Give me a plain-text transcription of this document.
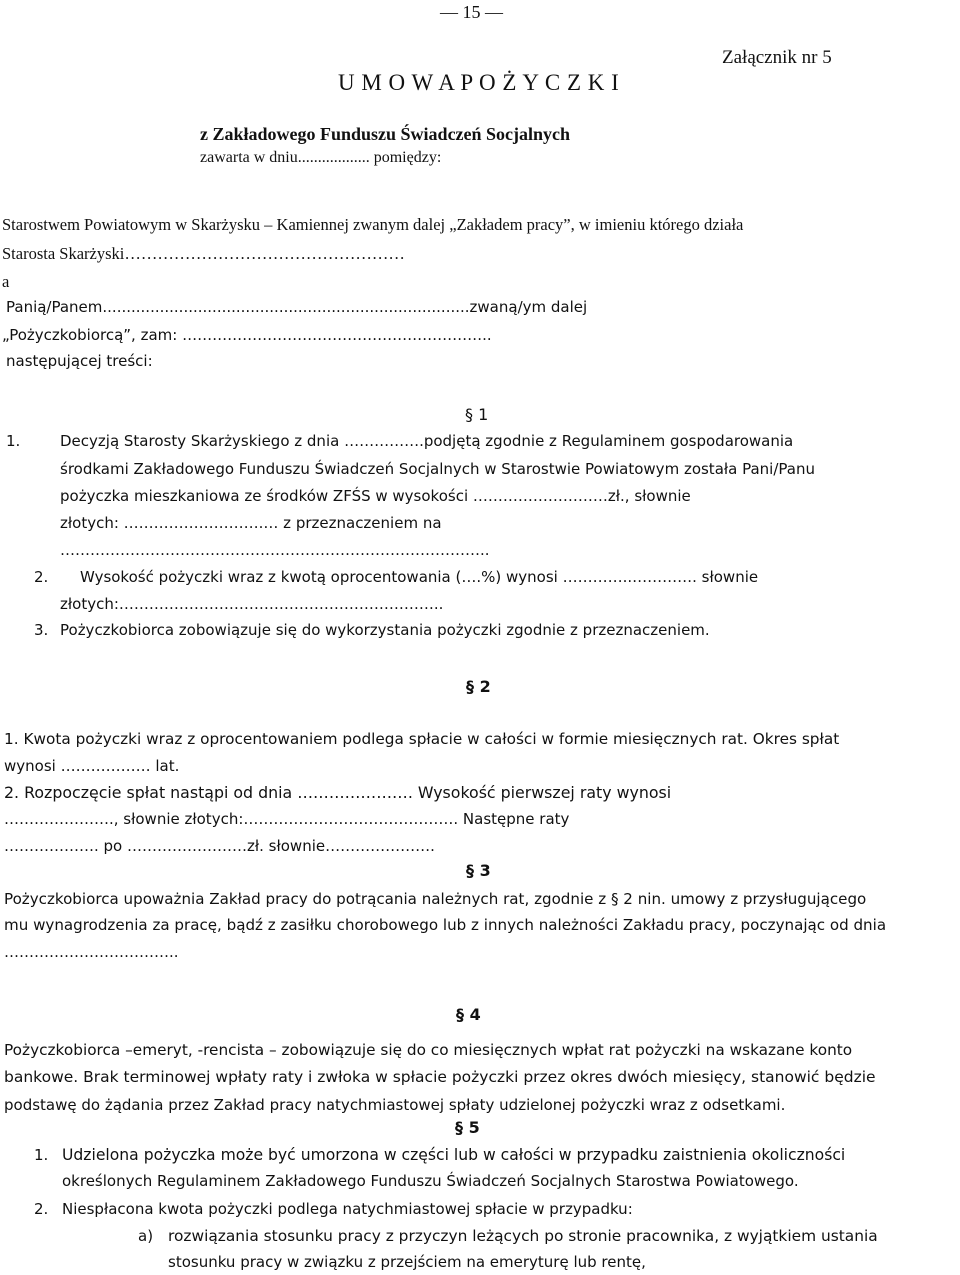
— 15 —
Załącznik nr 5
U M O W A P O Ż Y C Z K I
z Zakładowego Funduszu Świadczeń Socjalnych
zawarta w dniu.................. pomiędzy:
Starostwem Powiatowym w Skarżysku – Kamiennej zwanym dalej „Zakładem pracy”, w imieniu którego działa
Starosta Skarżyski……………………………………………
a
Panią/Panem.............................................................................zwaną/ym dalej
„Pożyczkobiorcą”, zam: ……………………………………………………..
następującej treści:
§ 1
1.	Decyzją Starosty Skarżyskiego z dnia …………….podjętą zgodnie z Regulaminem gospodarowania
środkami Zakładowego Funduszu Świadczeń Socjalnych w Starostwie Powiatowym została Pani/Panu
pożyczka mieszkaniowa ze środków ZFŚS w wysokości ………………………zł., słownie
złotych: ……………………….… z przeznaczeniem na
…………………………………………………………………………..
2. Wysokość pożyczki wraz z kwotą oprocentowania (….%) wynosi …………..…………. słownie
złotych:………………………………………………………..
3. Pożyczkobiorca zobowiązuje się do wykorzystania pożyczki zgodnie z przeznaczeniem.
§ 2
1. Kwota pożyczki wraz z oprocentowaniem podlega spłacie w całości w formie miesięcznych rat. Okres spłat
wynosi ……………… lat.
2. Rozpoczęcie spłat nastąpi od dnia …………………. Wysokość pierwszej raty wynosi
…………………., słownie złotych:……………………………………. Następne raty
………………. po ……………………zł. słownie………………….
§ 3
Pożyczkobiorca upoważnia Zakład pracy do potrącania należnych rat, zgodnie z § 2 nin. umowy z przysługującego
mu wynagrodzenia za pracę, bądź z zasiłku chorobowego lub z innych należności Zakładu pracy, poczynając od dnia
……………………………..
§ 4
Pożyczkobiorca –emeryt, -rencista – zobowiązuje się do co miesięcznych wpłat rat pożyczki na wskazane konto
bankowe. Brak terminowej wpłaty raty i zwłoka w spłacie pożyczki przez okres dwóch miesięcy, stanowić będzie
podstawę do żądania przez Zakład pracy natychmiastowej spłaty udzielonej pożyczki wraz z odsetkami.
§ 5
1. Udzielona pożyczka może być umorzona w części lub w całości w przypadku zaistnienia okoliczności
określonych Regulaminem Zakładowego Funduszu Świadczeń Socjalnych Starostwa Powiatowego.
2. Niespłacona kwota pożyczki podlega natychmiastowej spłacie w przypadku:
a) rozwiązania stosunku pracy z przyczyn leżących po stronie pracownika, z wyjątkiem ustania
stosunku pracy w związku z przejściem na emeryturę lub rentę,
